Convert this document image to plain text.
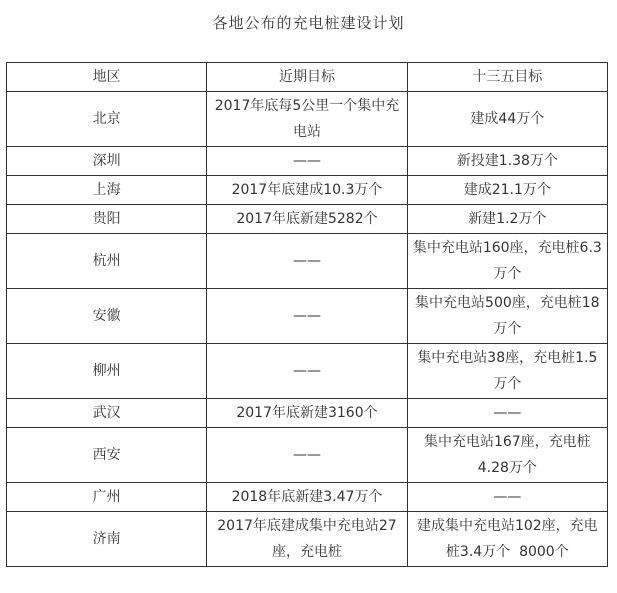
各地公布的充电桩建设计划
地区	近期目标	十三五目标
北京	2017年底每5公里一个集中充电站	建成44万个
深圳	——	新投建1.38万个
上海	2017年底建成10.3万个	建成21.1万个
贵阳	2017年底新建5282个	新建1.2万个
杭州	——	集中充电站160座，充电桩6.3万个
安徽	——	集中充电站500座，充电桩18万个
柳州	——	集中充电站38座，充电桩1.5万个
武汉	2017年底新建3160个	——
西安	——	集中充电站167座，充电桩4.28万个
广州	2018年底新建3.47万个	——
济南	2017年底建成集中充电站27座，充电桩	建成集中充电站102座，充电桩3.4万个  8000个
